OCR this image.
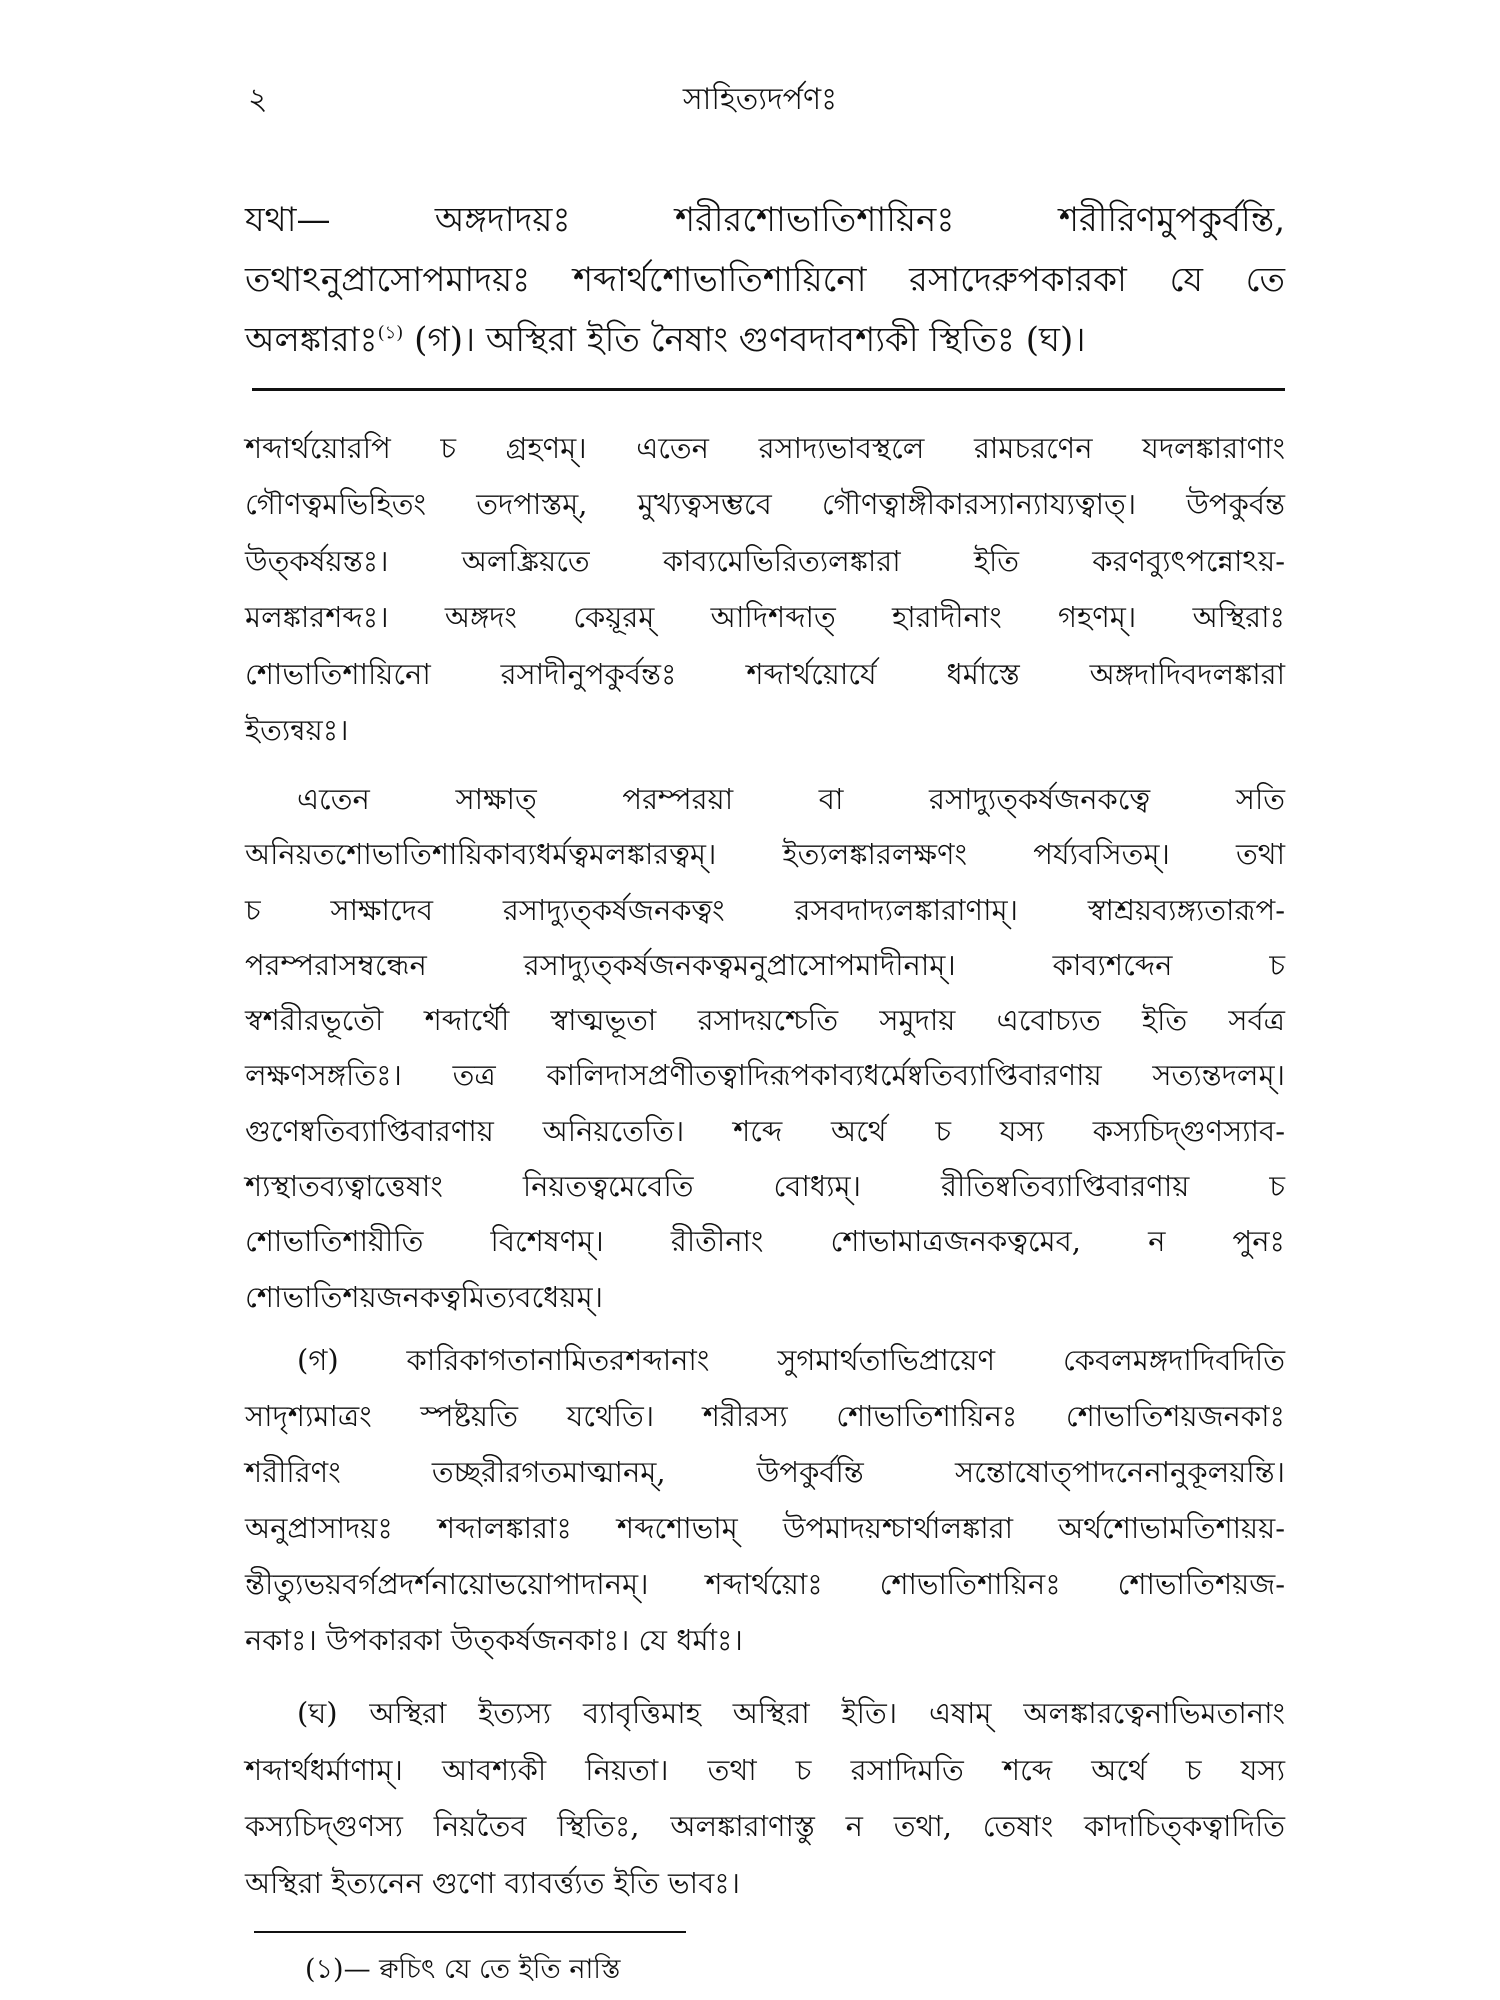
২	সাহিত্যদর্পণঃ
যথা— অঙ্গদাদয়ঃ শরীরশোভাতিশায়িনঃ শরীরিণমুপকুর্বন্তি,
তথাঽনুপ্রাসোপমাদয়ঃ শব্দার্থশোভাতিশায়িনো রসাদেরুপকারকা যে তে
অলঙ্কারাঃ$^{(১)}$ (গ)। অস্থিরা ইতি নৈষাং গুণবদাবশ্যকী স্থিতিঃ (ঘ)।
শব্দার্থয়োরপি চ গ্রহণম্। এতেন রসাদ্যভাবস্থলে রামচরণেন যদলঙ্কারাণাং
গৌণত্বমভিহিতং তদপাস্তম্, মুখ্যত্বসম্ভবে গৌণত্বাঙ্গীকারস্যান্যায্যত্বাত্। উপকুর্বন্ত
উত্কর্ষয়ন্তঃ। অলঙ্ক্রিয়তে কাব্যমেভিরিত্যলঙ্কারা ইতি করণব্যুৎপন্নোঽয়-
মলঙ্কারশব্দঃ। অঙ্গদং কেয়ূরম্ আদিশব্দাত্ হারাদীনাং গহণম্। অস্থিরাঃ
শোভাতিশায়িনো রসাদীনুপকুর্বন্তঃ শব্দার্থয়োর্যে ধর্মাস্তে অঙ্গদাদিবদলঙ্কারা
ইত্যন্বয়ঃ।
এতেন সাক্ষাত্ পরম্পরয়া বা রসাদ্যুত্কর্ষজনকত্বে সতি
অনিয়তশোভাতিশায়িকাব্যধর্মত্বমলঙ্কারত্বম্। ইত্যলঙ্কারলক্ষণং পর্য্যবসিতম্। তথা
চ সাক্ষাদেব রসাদ্যুত্কর্ষজনকত্বং রসবদাদ্যলঙ্কারাণাম্। স্বাশ্রয়ব্যঙ্গ্যতারূপ-
পরম্পরাসম্বন্ধেন রসাদ্যুত্কর্ষজনকত্বমনুপ্রাসোপমাদীনাম্। কাব্যশব্দেন চ
স্বশরীরভূতৌ শব্দার্থৌ স্বাত্মভূতা রসাদয়শ্চেতি সমুদায় এবোচ্যত ইতি সর্বত্র
লক্ষণসঙ্গতিঃ। তত্র কালিদাসপ্রণীতত্বাদিরূপকাব্যধর্মেষ্বতিব্যাপ্তিবারণায় সত্যন্তদলম্।
গুণেষ্বতিব্যাপ্তিবারণায় অনিয়তেতি। শব্দে অর্থে চ যস্য কস্যচিদ্গুণস্যাব-
শ্যস্থাতব্যত্বাত্তেষাং নিয়তত্বমেবেতি বোধ্যম্। রীতিষ্বতিব্যাপ্তিবারণায় চ
শোভাতিশায়ীতি বিশেষণম্। রীতীনাং শোভামাত্রজনকত্বমেব, ন পুনঃ
শোভাতিশয়জনকত্বমিত্যবধেয়ম্।
(গ) কারিকাগতানামিতরশব্দানাং সুগমার্থতাভিপ্রায়েণ কেবলমঙ্গদাদিবদিতি
সাদৃশ্যমাত্রং স্পষ্টয়তি যথেতি। শরীরস্য শোভাতিশায়িনঃ শোভাতিশয়জনকাঃ
শরীরিণং তচ্ছরীরগতমাত্মানম্, উপকুর্বন্তি সন্তোষোত্পাদনেনানুকূলয়ন্তি।
অনুপ্রাসাদয়ঃ শব্দালঙ্কারাঃ শব্দশোভাম্ উপমাদয়শ্চার্থালঙ্কারা অর্থশোভামতিশায়য়-
ন্তীত্যুভয়বর্গপ্রদর্শনায়োভয়োপাদানম্। শব্দার্থয়োঃ শোভাতিশায়িনঃ শোভাতিশয়জ-
নকাঃ। উপকারকা উত্কর্ষজনকাঃ। যে ধর্মাঃ।
(ঘ) অস্থিরা ইত্যস্য ব্যাবৃত্তিমাহ অস্থিরা ইতি। এষাম্ অলঙ্কারত্বেনাভিমতানাং
শব্দার্থধর্মাণাম্। আবশ্যকী নিয়তা। তথা চ রসাদিমতি শব্দে অর্থে চ যস্য
কস্যচিদ্গুণস্য নিয়তৈব স্থিতিঃ, অলঙ্কারাণাস্তু ন তথা, তেষাং কাদাচিত্কত্বাদিতি
অস্থিরা ইত্যনেন গুণো ব্যাবর্ত্ত্যত ইতি ভাবঃ।
(১)— ক্বচিৎ যে তে ইতি নাস্তি
